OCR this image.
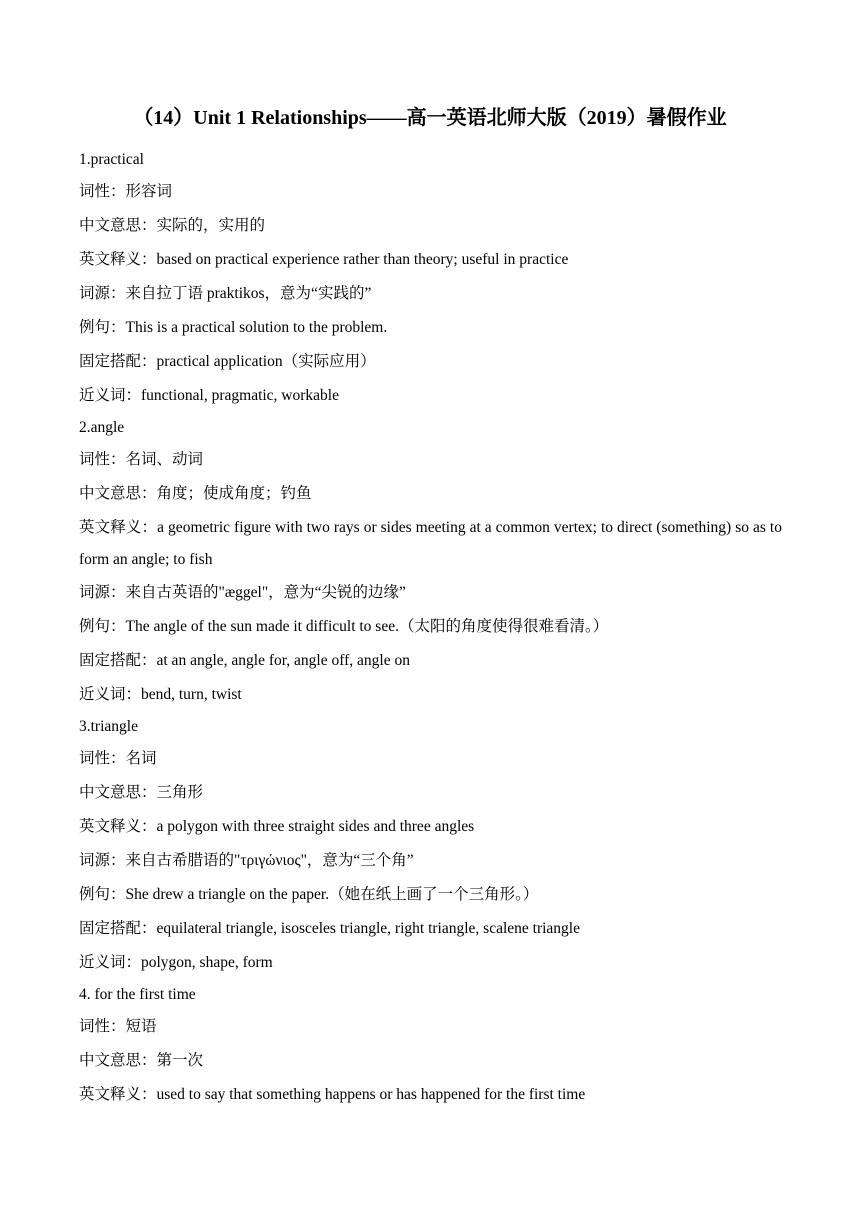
（14）Unit 1 Relationships——高一英语北师大版（2019）暑假作业
1.practical
词性：形容词
中文意思：实际的，实用的
英文释义：based on practical experience rather than theory; useful in practice
词源：来自拉丁语 praktikos，意为“实践的”
例句：This is a practical solution to the problem.
固定搭配：practical application（实际应用）
近义词：functional, pragmatic, workable
2.angle
词性：名词、动词
中文意思：角度；使成角度；钓鱼
英文释义：a geometric figure with two rays or sides meeting at a common vertex; to direct (something) so as to form an angle; to fish
词源：来自古英语的"æggel"，意为“尖锐的边缘”
例句：The angle of the sun made it difficult to see.（太阳的角度使得很难看清。）
固定搭配：at an angle, angle for, angle off, angle on
近义词：bend, turn, twist
3.triangle
词性：名词
中文意思：三角形
英文释义：a polygon with three straight sides and three angles
词源：来自古希腊语的"τριγώνιος"，意为“三个角”
例句：She drew a triangle on the paper.（她在纸上画了一个三角形。）
固定搭配：equilateral triangle, isosceles triangle, right triangle, scalene triangle
近义词：polygon, shape, form
4. for the first time
词性：短语
中文意思：第一次
英文释义：used to say that something happens or has happened for the first time
